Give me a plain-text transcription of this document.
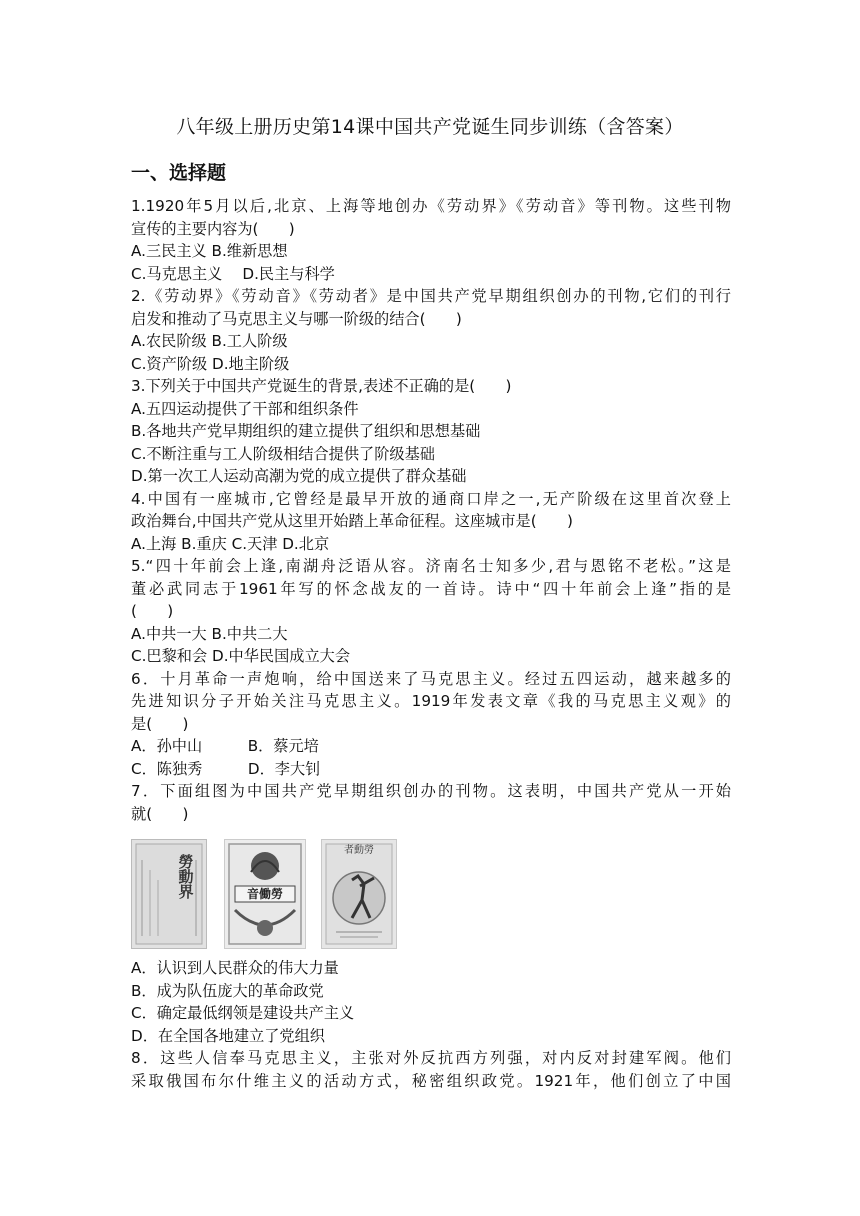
八年级上册历史第14课中国共产党诞生同步训练（含答案）
一、选择题
1.1920年5月以后,北京、上海等地创办《劳动界》《劳动音》等刊物。这些刊物
宣传的主要内容为(　　)
A.三民主义 B.维新思想
C.马克思主义　 D.民主与科学
2.《劳动界》《劳动音》《劳动者》是中国共产党早期组织创办的刊物,它们的刊行
启发和推动了马克思主义与哪一阶级的结合(　　)
A.农民阶级 B.工人阶级
C.资产阶级 D.地主阶级
3.下列关于中国共产党诞生的背景,表述不正确的是(　　)
A.五四运动提供了干部和组织条件
B.各地共产党早期组织的建立提供了组织和思想基础
C.不断注重与工人阶级相结合提供了阶级基础
D.第一次工人运动高潮为党的成立提供了群众基础
4.中国有一座城市,它曾经是最早开放的通商口岸之一,无产阶级在这里首次登上
政治舞台,中国共产党从这里开始踏上革命征程。这座城市是(　　)
A.上海 B.重庆 C.天津 D.北京
5.“四十年前会上逢,南湖舟泛语从容。济南名士知多少,君与恩铭不老松。”这是
董必武同志于1961年写的怀念战友的一首诗。诗中“四十年前会上逢”指的是
(　　)
A.中共一大 B.中共二大
C.巴黎和会 D.中华民国成立大会
6．十月革命一声炮响，给中国送来了马克思主义。经过五四运动，越来越多的
先进知识分子开始关注马克思主义。1919年发表文章《我的马克思主义观》的
是(　　)
A．孙中山　　　B．蔡元培
C．陈独秀　　　D．李大钊
7．下面组图为中国共产党早期组织创办的刊物。这表明，中国共产党从一开始
就(　　)
勞動界	音働勞
者動勞
A．认识到人民群众的伟大力量
B．成为队伍庞大的革命政党
C．确定最低纲领是建设共产主义
D．在全国各地建立了党组织
8．这些人信奉马克思主义，主张对外反抗西方列强，对内反对封建军阀。他们
采取俄国布尔什维主义的活动方式，秘密组织政党。1921年，他们创立了中国
